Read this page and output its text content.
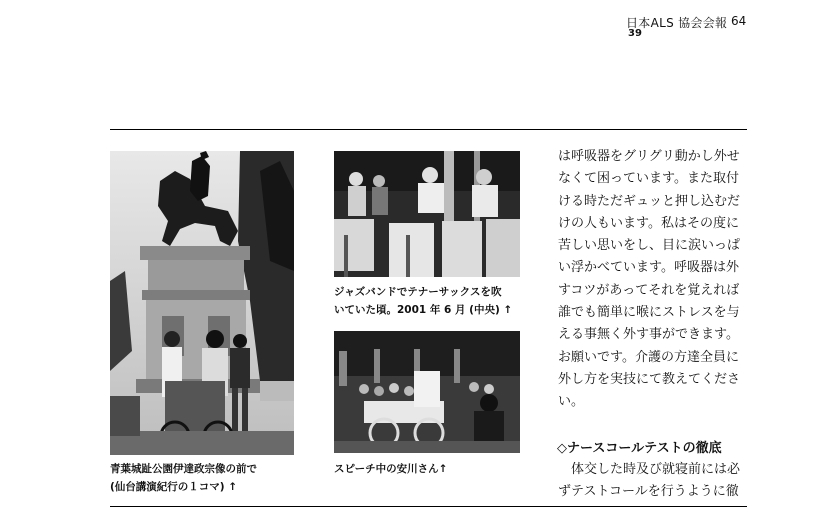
日本ALS 協会会報 64
39
青葉城趾公園伊達政宗像の前で
(仙台講演紀行の１コマ) ↑
ジャズバンドでテナーサックスを吹
いていた頃。2001 年 6 月 (中央) ↑
スピーチ中の安川さん↑
は呼吸器をグリグリ動かし外せ
なくて困っています。また取付
ける時ただギュッと押し込むだ
けの人もいます。私はその度に
苦しい思いをし、目に涙いっぱ
い浮かべています。呼吸器は外
すコツがあってそれを覚えれば
誰でも簡単に喉にストレスを与
える事無く外す事ができます。
お願いです。介護の方達全員に
外し方を実技にて教えてくださ
い。
◇ナースコールテストの徹底
　体交した時及び就寝前には必
ずテストコールを行うように徹
